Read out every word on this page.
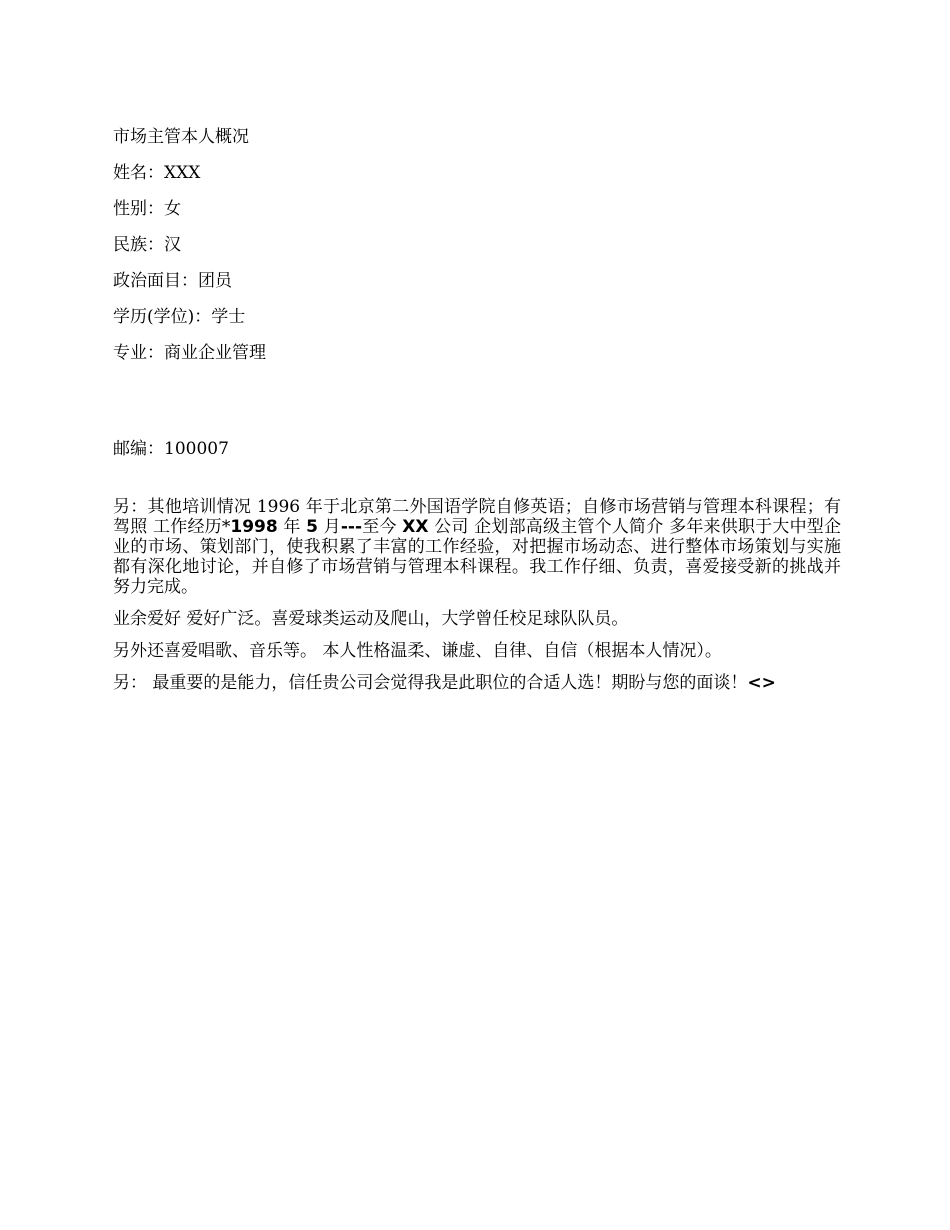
市场主管本人概况
姓名：XXX
性别：女
民族：汉
政治面目：团员
学历(学位)：学士
专业：商业企业管理
邮编：100007
另：其他培训情况 1996 年于北京第二外国语学院自修英语；自修市场营销与管理本科课程；有驾照 工作经历*1998 年 5 月---至今 XX 公司 企划部高级主管个人简介 多年来供职于大中型企业的市场、策划部门，使我积累了丰富的工作经验，对把握市场动态、进行整体市场策划与实施都有深化地讨论，并自修了市场营销与管理本科课程。我工作仔细、负责，喜爱接受新的挑战并努力完成。
业余爱好 爱好广泛。喜爱球类运动及爬山，大学曾任校足球队队员。
另外还喜爱唱歌、音乐等。 本人性格温柔、谦虚、自律、自信（根据本人情况）。
另： 最重要的是能力，信任贵公司会觉得我是此职位的合适人选！期盼与您的面谈！<>
